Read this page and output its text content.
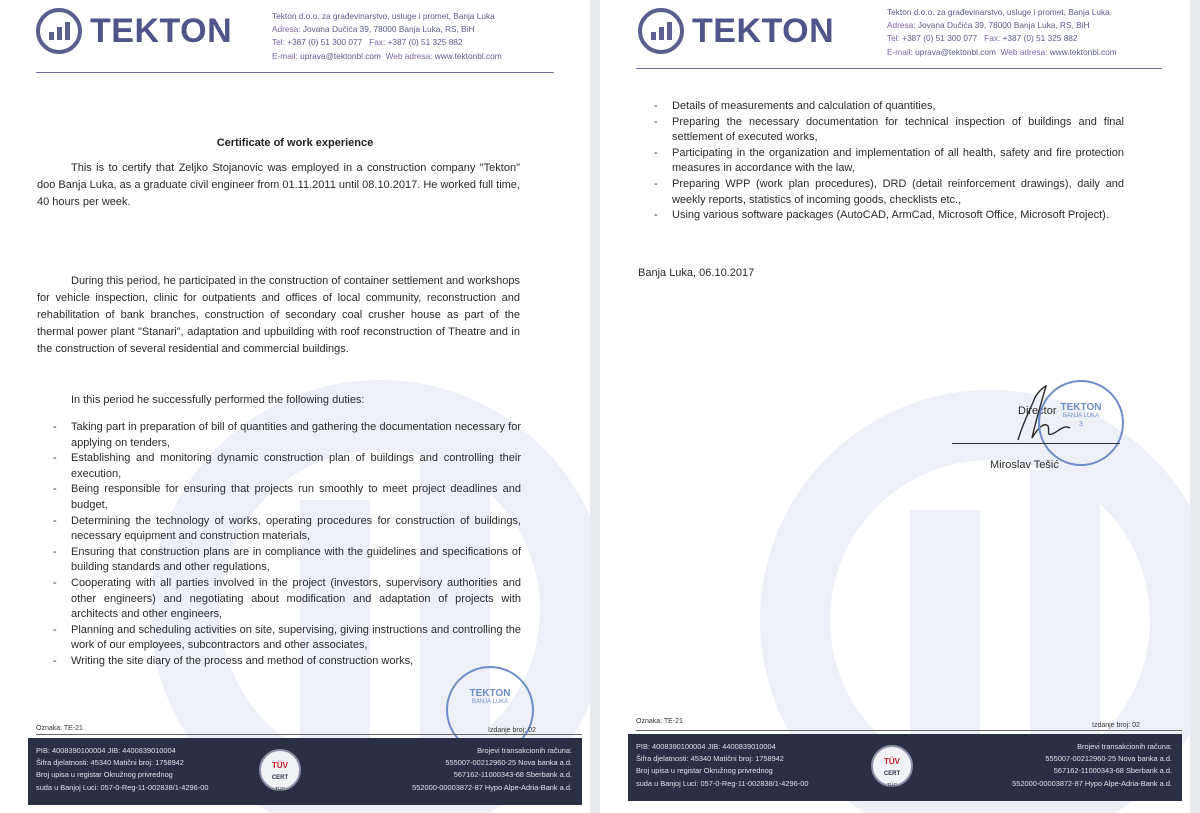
TEKTON	Tekton d.o.o. za građevinarstvo, usluge i promet, Banja Luka
Adresa: Jovana Dučića 39, 78000 Banja Luka, RS, BiH
Tel: +387 (0) 51 300 077 Fax: +387 (0) 51 325 882
E-mail: uprava@tektonbl.com Web adresa: www.tektonbl.com
Certificate of work experience
This is to certify that Zeljko Stojanovic was employed in a construction company "Tekton" doo Banja Luka, as a graduate civil engineer from 01.11.2011 until 08.10.2017. He worked full time, 40 hours per week.
During this period, he participated in the construction of container settlement and workshops for vehicle inspection, clinic for outpatients and offices of local community, reconstruction and rehabilitation of bank branches, construction of secondary coal crusher house as part of the thermal power plant "Stanari", adaptation and upbuilding with roof reconstruction of Theatre and in the construction of several residential and commercial buildings.
In this period he successfully performed the following duties:
- Taking part in preparation of bill of quantities and gathering the documentation necessary for applying on tenders,
- Establishing and monitoring dynamic construction plan of buildings and controlling their execution,
- Being responsible for ensuring that projects run smoothly to meet project deadlines and budget,
- Determining the technology of works, operating procedures for construction of buildings, necessary equipment and construction materials,
- Ensuring that construction plans are in compliance with the guidelines and specifications of building standards and other regulations,
- Cooperating with all parties involved in the project (investors, supervisory authorities and other engineers) and negotiating about modification and adaptation of projects with architects and other engineers,
- Planning and scheduling activities on site, supervising, giving instructions and controlling the work of our employees, subcontractors and other associates,
- Writing the site diary of the process and method of construction works,
TEKTON
BANJA LUKA
Oznaka: TE-21	Izdanje broj: 02
PIB: 4008390100004 JIB: 4400839010004
Šifra djelatnosti: 45340 Matični broj: 1758942
Broj upisa u registar Okružnog privrednog
suda u Banjoj Luci: 057-0-Reg-11-002838/1-4296-00
TÜV
CERT
TÜC
Brojevi transakcionih računa:
555007-00212960-25 Nova banka a.d.
567162-11000343-68 Sberbank a.d.
552000-00003872-87 Hypo Alpe-Adria-Bank a.d.
TEKTON	Tekton d.o.o. za građevinarstvo, usluge i promet, Banja Luka
Adresa: Jovana Dučića 39, 78000 Banja Luka, RS, BiH
Tel: +387 (0) 51 300 077 Fax: +387 (0) 51 325 882
E-mail: uprava@tektonbl.com Web adresa: www.tektonbl.com
- Details of measurements and calculation of quantities,
- Preparing the necessary documentation for technical inspection of buildings and final settlement of executed works,
- Participating in the organization and implementation of all health, safety and fire protection measures in accordance with the law,
- Preparing WPP (work plan procedures), DRD (detail reinforcement drawings), daily and weekly reports, statistics of incoming goods, checklists etc.,
- Using various software packages (AutoCAD, ArmCad, Microsoft Office, Microsoft Project).
Banja Luka, 06.10.2017
Director
Miroslav Tešić
TEKTON
BANJA LUKA
3
Oznaka: TE-21
Izdanje broj: 02
PIB: 4008390100004 JIB: 4400839010004
Šifra djelatnosti: 45340 Matični broj: 1758942
Broj upisa u registar Okružnog privrednog
suda u Banjoj Luci: 057-0-Reg-11-002838/1-4296-00
TÜV
CERT
TÜC
Brojevi transakcionih računa:
555007-00212960-25 Nova banka a.d.
567162-11000343-68 Sberbank a.d.
552000-00003872-87 Hypo Alpe-Adria-Bank a.d.
